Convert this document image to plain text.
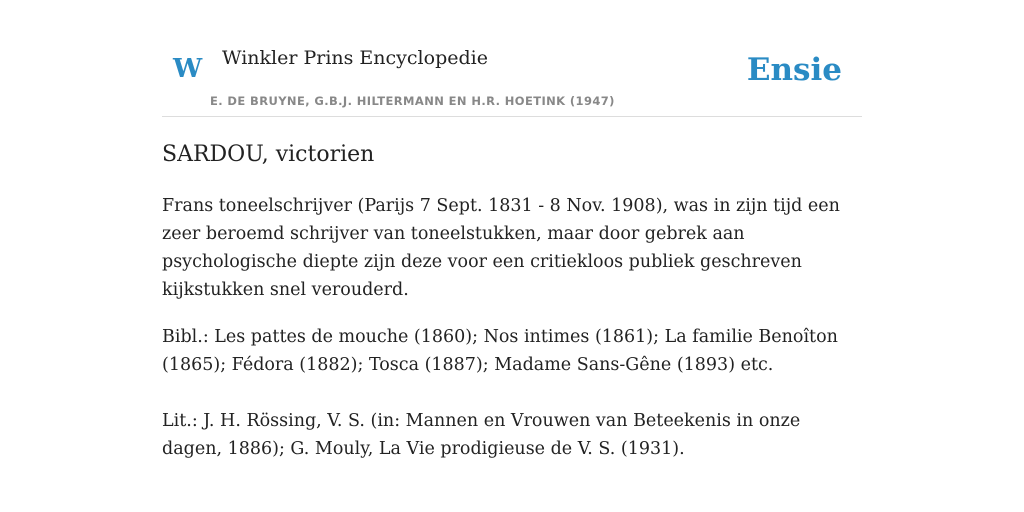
W Winkler Prins Encyclopedie
E. DE BRUYNE, G.B.J. HILTERMANN EN H.R. HOETINK (1947)
Ensie
SARDOU, victorien

Frans toneelschrijver (Parijs 7 Sept. 1831 - 8 Nov. 1908), was in zijn tijd een zeer beroemd schrijver van toneelstukken, maar door gebrek aan psychologische diepte zijn deze voor een critiekloos publiek geschreven kijkstukken snel verouderd.

Bibl.: Les pattes de mouche (1860); Nos intimes (1861); La familie Benoîton (1865); Fédora (1882); Tosca (1887); Madame Sans-Gêne (1893) etc.

Lit.: J. H. Rössing, V. S. (in: Mannen en Vrouwen van Beteekenis in onze dagen, 1886); G. Mouly, La Vie prodigieuse de V. S. (1931).
